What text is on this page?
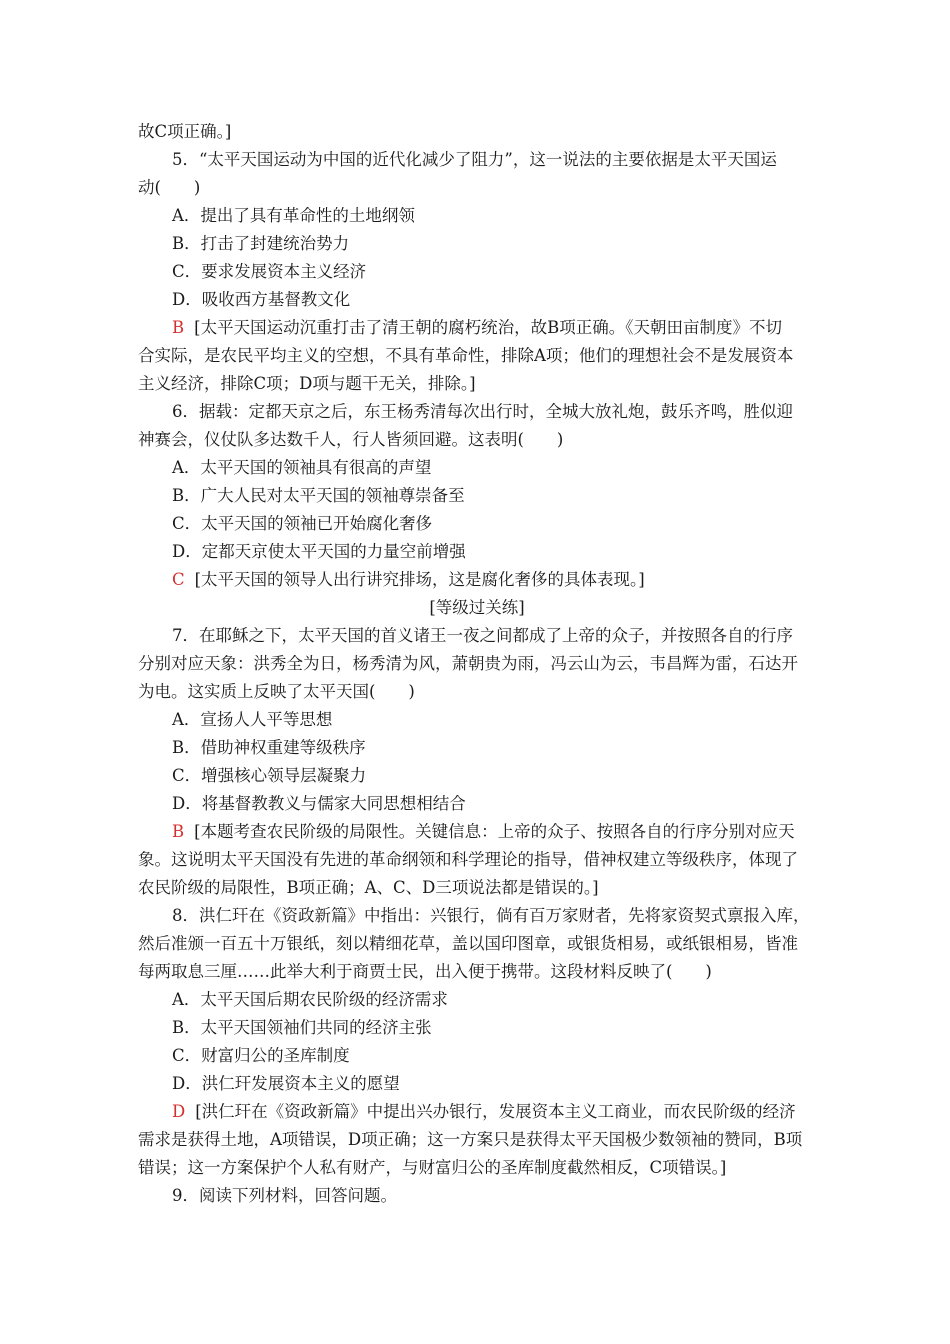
故C项正确。]
5．“太平天国运动为中国的近代化减少了阻力”，这一说法的主要依据是太平天国运
动(　　)
A．提出了具有革命性的土地纲领
B．打击了封建统治势力
C．要求发展资本主义经济
D．吸收西方基督教文化
B [太平天国运动沉重打击了清王朝的腐朽统治，故B项正确。《天朝田亩制度》不切
合实际，是农民平均主义的空想，不具有革命性，排除A项；他们的理想社会不是发展资本
主义经济，排除C项；D项与题干无关，排除。]
6．据载：定都天京之后，东王杨秀清每次出行时，全城大放礼炮，鼓乐齐鸣，胜似迎
神赛会，仪仗队多达数千人，行人皆须回避。这表明(　　)
A．太平天国的领袖具有很高的声望
B．广大人民对太平天国的领袖尊崇备至
C．太平天国的领袖已开始腐化奢侈
D．定都天京使太平天国的力量空前增强
C [太平天国的领导人出行讲究排场，这是腐化奢侈的具体表现。]
[等级过关练]
7．在耶稣之下，太平天国的首义诸王一夜之间都成了上帝的众子，并按照各自的行序
分别对应天象：洪秀全为日，杨秀清为风，萧朝贵为雨，冯云山为云，韦昌辉为雷，石达开
为电。这实质上反映了太平天国(　　)
A．宣扬人人平等思想
B．借助神权重建等级秩序
C．增强核心领导层凝聚力
D．将基督教教义与儒家大同思想相结合
B [本题考查农民阶级的局限性。关键信息：上帝的众子、按照各自的行序分别对应天
象。这说明太平天国没有先进的革命纲领和科学理论的指导，借神权建立等级秩序，体现了
农民阶级的局限性，B项正确；A、C、D三项说法都是错误的。]
8．洪仁玕在《资政新篇》中指出：兴银行，倘有百万家财者，先将家资契式禀报入库，
然后准颁一百五十万银纸，刻以精细花草，盖以国印图章，或银货相易，或纸银相易，皆准
每两取息三厘……此举大利于商贾士民，出入便于携带。这段材料反映了(　　)
A．太平天国后期农民阶级的经济需求
B．太平天国领袖们共同的经济主张
C．财富归公的圣库制度
D．洪仁玕发展资本主义的愿望
D [洪仁玕在《资政新篇》中提出兴办银行，发展资本主义工商业，而农民阶级的经济
需求是获得土地，A项错误，D项正确；这一方案只是获得太平天国极少数领袖的赞同，B项
错误；这一方案保护个人私有财产，与财富归公的圣库制度截然相反，C项错误。]
9．阅读下列材料，回答问题。
